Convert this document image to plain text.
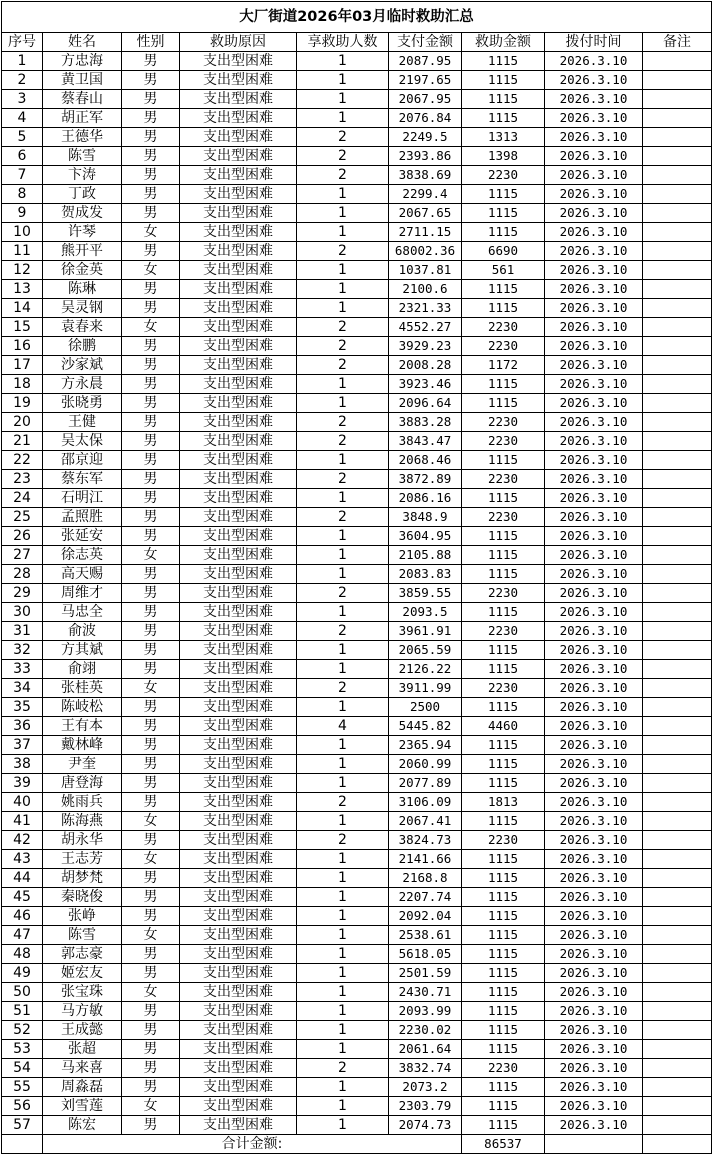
大厂街道2026年03月临时救助汇总								
序号	姓名	性别	救助原因	享救助人数	支付金额	救助金额	拨付时间	备注
1	方忠海	男	支出型困难	1	2087.95	1115	2026.3.10	
2	黄卫国	男	支出型困难	1	2197.65	1115	2026.3.10	
3	蔡春山	男	支出型困难	1	2067.95	1115	2026.3.10	
4	胡正军	男	支出型困难	1	2076.84	1115	2026.3.10	
5	王德华	男	支出型困难	2	2249.5	1313	2026.3.10	
6	陈雪	男	支出型困难	2	2393.86	1398	2026.3.10	
7	卞涛	男	支出型困难	2	3838.69	2230	2026.3.10	
8	丁政	男	支出型困难	1	2299.4	1115	2026.3.10	
9	贺成发	男	支出型困难	1	2067.65	1115	2026.3.10	
10	许琴	女	支出型困难	1	2711.15	1115	2026.3.10	
11	熊开平	男	支出型困难	2	68002.36	6690	2026.3.10	
12	徐金英	女	支出型困难	1	1037.81	561	2026.3.10	
13	陈琳	男	支出型困难	1	2100.6	1115	2026.3.10	
14	吴灵钢	男	支出型困难	1	2321.33	1115	2026.3.10	
15	袁春来	女	支出型困难	2	4552.27	2230	2026.3.10	
16	徐鹏	男	支出型困难	2	3929.23	2230	2026.3.10	
17	沙家斌	男	支出型困难	2	2008.28	1172	2026.3.10	
18	方永晨	男	支出型困难	1	3923.46	1115	2026.3.10	
19	张晓勇	男	支出型困难	1	2096.64	1115	2026.3.10	
20	王健	男	支出型困难	2	3883.28	2230	2026.3.10	
21	吴太保	男	支出型困难	2	3843.47	2230	2026.3.10	
22	邵京迎	男	支出型困难	1	2068.46	1115	2026.3.10	
23	蔡东军	男	支出型困难	2	3872.89	2230	2026.3.10	
24	石明江	男	支出型困难	1	2086.16	1115	2026.3.10	
25	孟照胜	男	支出型困难	2	3848.9	2230	2026.3.10	
26	张延安	男	支出型困难	1	3604.95	1115	2026.3.10	
27	徐志英	女	支出型困难	1	2105.88	1115	2026.3.10	
28	高天赐	男	支出型困难	1	2083.83	1115	2026.3.10	
29	周维才	男	支出型困难	2	3859.55	2230	2026.3.10	
30	马忠全	男	支出型困难	1	2093.5	1115	2026.3.10	
31	俞波	男	支出型困难	2	3961.91	2230	2026.3.10	
32	方其斌	男	支出型困难	1	2065.59	1115	2026.3.10	
33	俞翊	男	支出型困难	1	2126.22	1115	2026.3.10	
34	张桂英	女	支出型困难	2	3911.99	2230	2026.3.10	
35	陈岐松	男	支出型困难	1	2500	1115	2026.3.10	
36	王有本	男	支出型困难	4	5445.82	4460	2026.3.10	
37	戴林峰	男	支出型困难	1	2365.94	1115	2026.3.10	
38	尹奎	男	支出型困难	1	2060.99	1115	2026.3.10	
39	唐登海	男	支出型困难	1	2077.89	1115	2026.3.10	
40	姚雨兵	男	支出型困难	2	3106.09	1813	2026.3.10	
41	陈海燕	女	支出型困难	1	2067.41	1115	2026.3.10	
42	胡永华	男	支出型困难	2	3824.73	2230	2026.3.10	
43	王志芳	女	支出型困难	1	2141.66	1115	2026.3.10	
44	胡梦梵	男	支出型困难	1	2168.8	1115	2026.3.10	
45	秦晓俊	男	支出型困难	1	2207.74	1115	2026.3.10	
46	张峥	男	支出型困难	1	2092.04	1115	2026.3.10	
47	陈雪	女	支出型困难	1	2538.61	1115	2026.3.10	
48	郭志豪	男	支出型困难	1	5618.05	1115	2026.3.10	
49	姬宏友	男	支出型困难	1	2501.59	1115	2026.3.10	
50	张宝珠	女	支出型困难	1	2430.71	1115	2026.3.10	
51	马方敏	男	支出型困难	1	2093.99	1115	2026.3.10	
52	王成懿	男	支出型困难	1	2230.02	1115	2026.3.10	
53	张超	男	支出型困难	1	2061.64	1115	2026.3.10	
54	马来喜	男	支出型困难	2	3832.74	2230	2026.3.10	
55	周淼磊	男	支出型困难	1	2073.2	1115	2026.3.10	
56	刘雪莲	女	支出型困难	1	2303.79	1115	2026.3.10	
57	陈宏	男	支出型困难	1	2074.73	1115	2026.3.10	
	合计金额:					86537		
